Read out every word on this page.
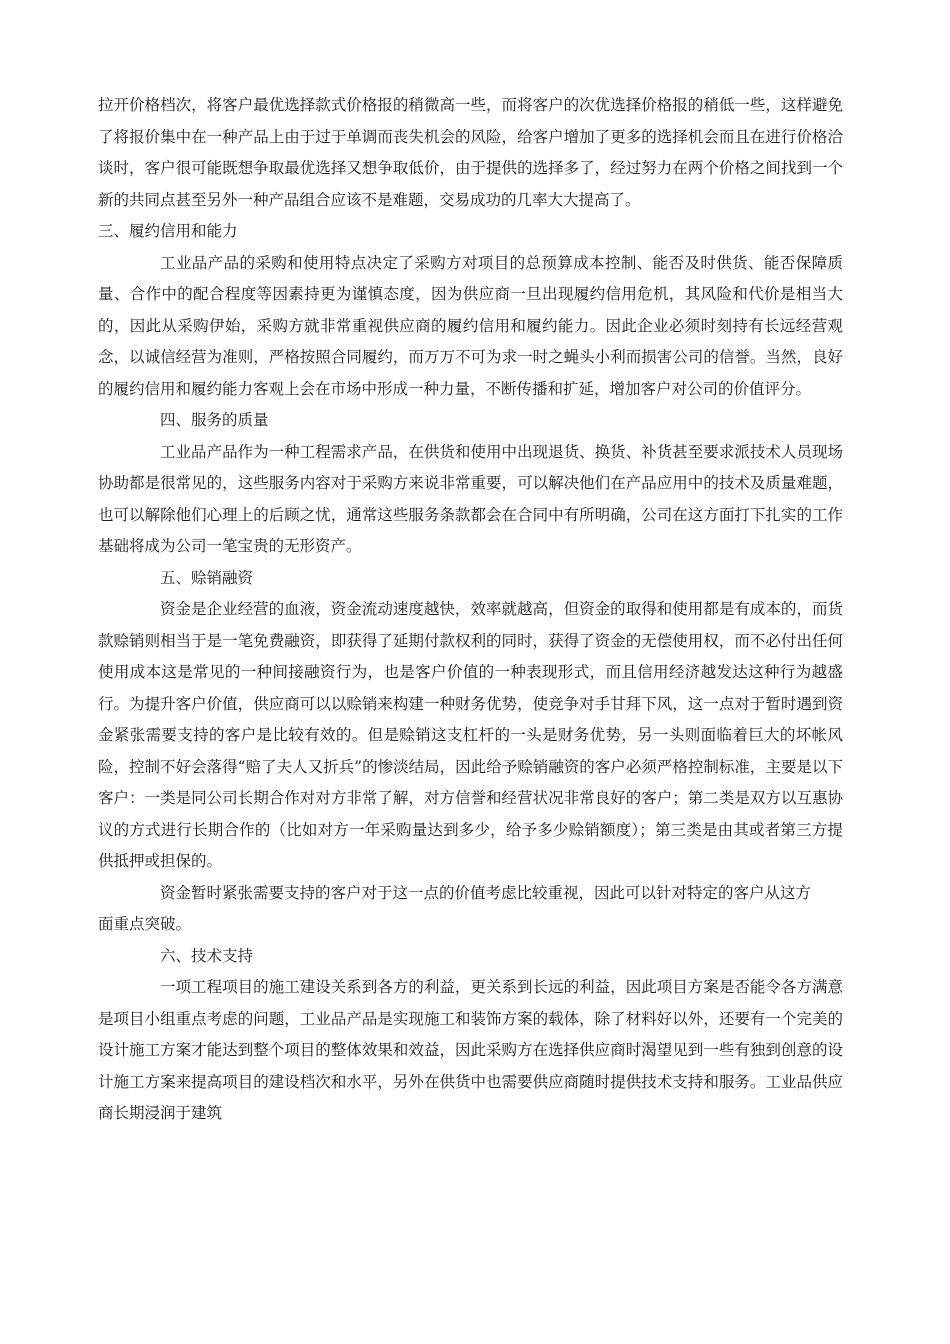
拉开价格档次，将客户最优选择款式价格报的稍微高一些，而将客户的次优选择价格报的稍低一些，这样避免了将报价集中在一种产品上由于过于单调而丧失机会的风险，给客户增加了更多的选择机会而且在进行价格洽谈时，客户很可能既想争取最优选择又想争取低价，由于提供的选择多了，经过努力在两个价格之间找到一个新的共同点甚至另外一种产品组合应该不是难题，交易成功的几率大大提高了。

三、履约信用和能力

工业品产品的采购和使用特点决定了采购方对项目的总预算成本控制、能否及时供货、能否保障质量、合作中的配合程度等因素持更为谨慎态度，因为供应商一旦出现履约信用危机，其风险和代价是相当大的，因此从采购伊始，采购方就非常重视供应商的履约信用和履约能力。因此企业必须时刻持有长远经营观念，以诚信经营为准则，严格按照合同履约，而万万不可为求一时之蝇头小利而损害公司的信誉。当然，良好的履约信用和履约能力客观上会在市场中形成一种力量，不断传播和扩延，增加客户对公司的价值评分。

四、服务的质量

工业品产品作为一种工程需求产品，在供货和使用中出现退货、换货、补货甚至要求派技术人员现场协助都是很常见的，这些服务内容对于采购方来说非常重要，可以解决他们在产品应用中的技术及质量难题，也可以解除他们心理上的后顾之忧，通常这些服务条款都会在合同中有所明确，公司在这方面打下扎实的工作基础将成为公司一笔宝贵的无形资产。

五、赊销融资

资金是企业经营的血液，资金流动速度越快，效率就越高，但资金的取得和使用都是有成本的，而货款赊销则相当于是一笔免费融资，即获得了延期付款权利的同时，获得了资金的无偿使用权，而不必付出任何使用成本这是常见的一种间接融资行为，也是客户价值的一种表现形式，而且信用经济越发达这种行为越盛行。为提升客户价值，供应商可以以赊销来构建一种财务优势，使竞争对手甘拜下风，这一点对于暂时遇到资金紧张需要支持的客户是比较有效的。但是赊销这支杠杆的一头是财务优势，另一头则面临着巨大的坏帐风险，控制不好会落得“赔了夫人又折兵”的惨淡结局，因此给予赊销融资的客户必须严格控制标准，主要是以下客户：一类是同公司长期合作对对方非常了解，对方信誉和经营状况非常良好的客户；第二类是双方以互惠协议的方式进行长期合作的（比如对方一年采购量达到多少，给予多少赊销额度）；第三类是由其或者第三方提供抵押或担保的。

资金暂时紧张需要支持的客户对于这一点的价值考虑比较重视，因此可以针对特定的客户从这方

面重点突破。

六、技术支持

一项工程项目的施工建设关系到各方的利益，更关系到长远的利益，因此项目方案是否能令各方满意是项目小组重点考虑的问题，工业品产品是实现施工和装饰方案的载体，除了材料好以外，还要有一个完美的设计施工方案才能达到整个项目的整体效果和效益，因此采购方在选择供应商时渴望见到一些有独到创意的设计施工方案来提高项目的建设档次和水平，另外在供货中也需要供应商随时提供技术支持和服务。工业品供应商长期浸润于建筑
